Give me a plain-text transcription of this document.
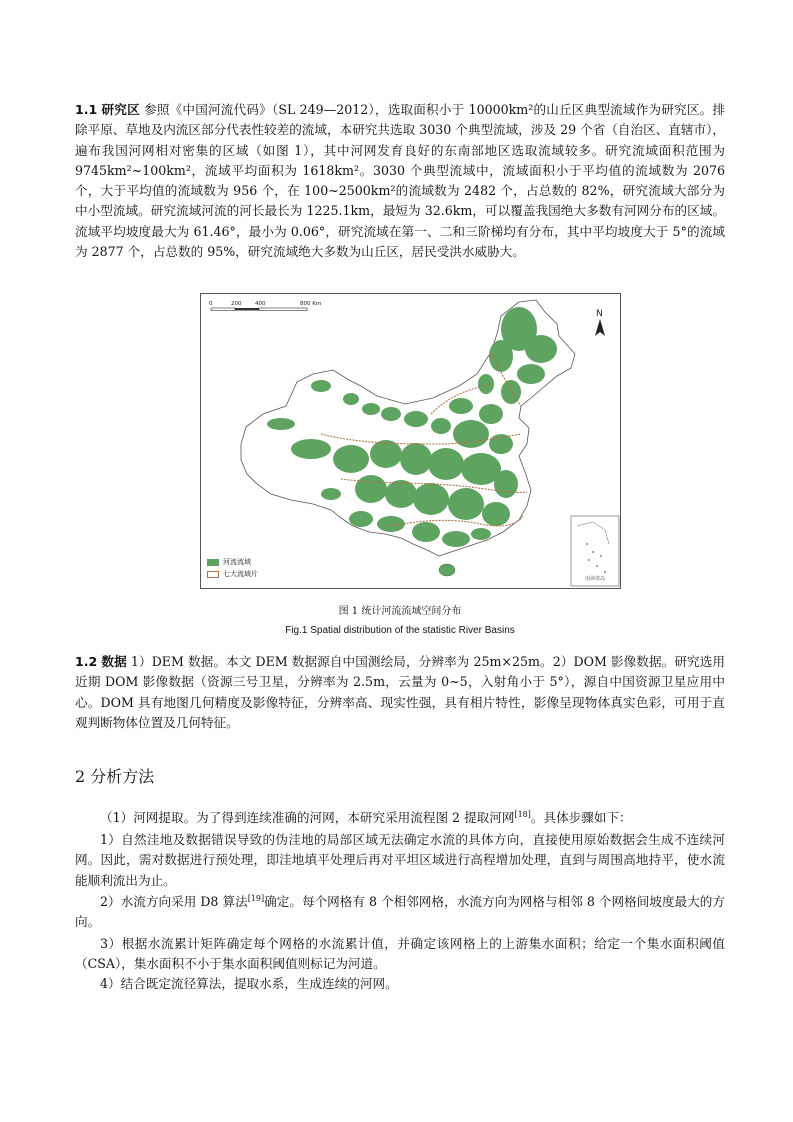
1.1 研究区 参照《中国河流代码》（SL 249—2012），选取面积小于 10000km²的山丘区典型流域作为研究区。排除平原、草地及内流区部分代表性较差的流域，本研究共选取 3030 个典型流域，涉及 29 个省（自治区、直辖市），遍布我国河网相对密集的区域（如图 1），其中河网发育良好的东南部地区选取流域较多。研究流域面积范围为 9745km²~100km²，流域平均面积为 1618km²。3030 个典型流域中，流域面积小于平均值的流域数为 2076 个，大于平均值的流域数为 956 个，在 100~2500km²的流域数为 2482 个，占总数的 82%，研究流域大部分为中小型流域。研究流域河流的河长最长为 1225.1km，最短为 32.6km，可以覆盖我国绝大多数有河网分布的区域。流域平均坡度最大为 61.46°，最小为 0.06°，研究流域在第一、二和三阶梯均有分布，其中平均坡度大于 5°的流域为 2877 个，占总数的 95%，研究流域绝大多数为山丘区，居民受洪水威胁大。

0	200 400	800 Km
N
南海诸岛
河流流域
七大流域片

图 1 统计河流流域空间分布

Fig.1 Spatial distribution of the statistic River Basins

1.2 数据 1）DEM 数据。本文 DEM 数据源自中国测绘局，分辨率为 25m×25m。2）DOM 影像数据。研究选用近期 DOM 影像数据（资源三号卫星，分辨率为 2.5m，云量为 0~5，入射角小于 5°），源自中国资源卫星应用中心。DOM 具有地图几何精度及影像特征，分辨率高、现实性强，具有相片特性，影像呈现物体真实色彩，可用于直观判断物体位置及几何特征。

2 分析方法

（1）河网提取。为了得到连续准确的河网，本研究采用流程图 2 提取河网[18]。具体步骤如下：

1）自然洼地及数据错误导致的伪洼地的局部区域无法确定水流的具体方向，直接使用原始数据会生成不连续河网。因此，需对数据进行预处理，即洼地填平处理后再对平坦区域进行高程增加处理，直到与周围高地持平，使水流能顺利流出为止。

2）水流方向采用 D8 算法[19]确定。每个网格有 8 个相邻网格，水流方向为网格与相邻 8 个网格间坡度最大的方向。

3）根据水流累计矩阵确定每个网格的水流累计值，并确定该网格上的上游集水面积；给定一个集水面积阈值（CSA），集水面积不小于集水面积阈值则标记为河道。

4）结合既定流径算法，提取水系，生成连续的河网。
